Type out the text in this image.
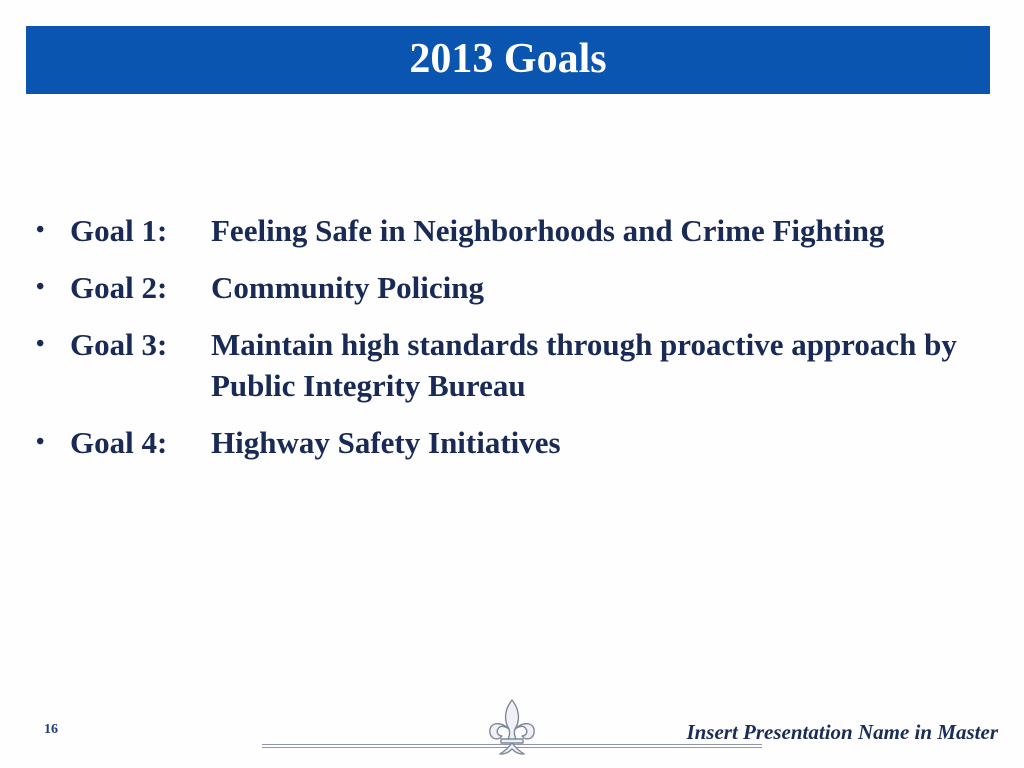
2013 Goals
• Goal 1:	Feeling Safe in Neighborhoods and Crime Fighting
• Goal 2:	Community Policing
• Goal 3:	Maintain high standards through proactive approach by Public Integrity Bureau
• Goal 4:	Highway Safety Initiatives
16	Insert Presentation Name in Master
